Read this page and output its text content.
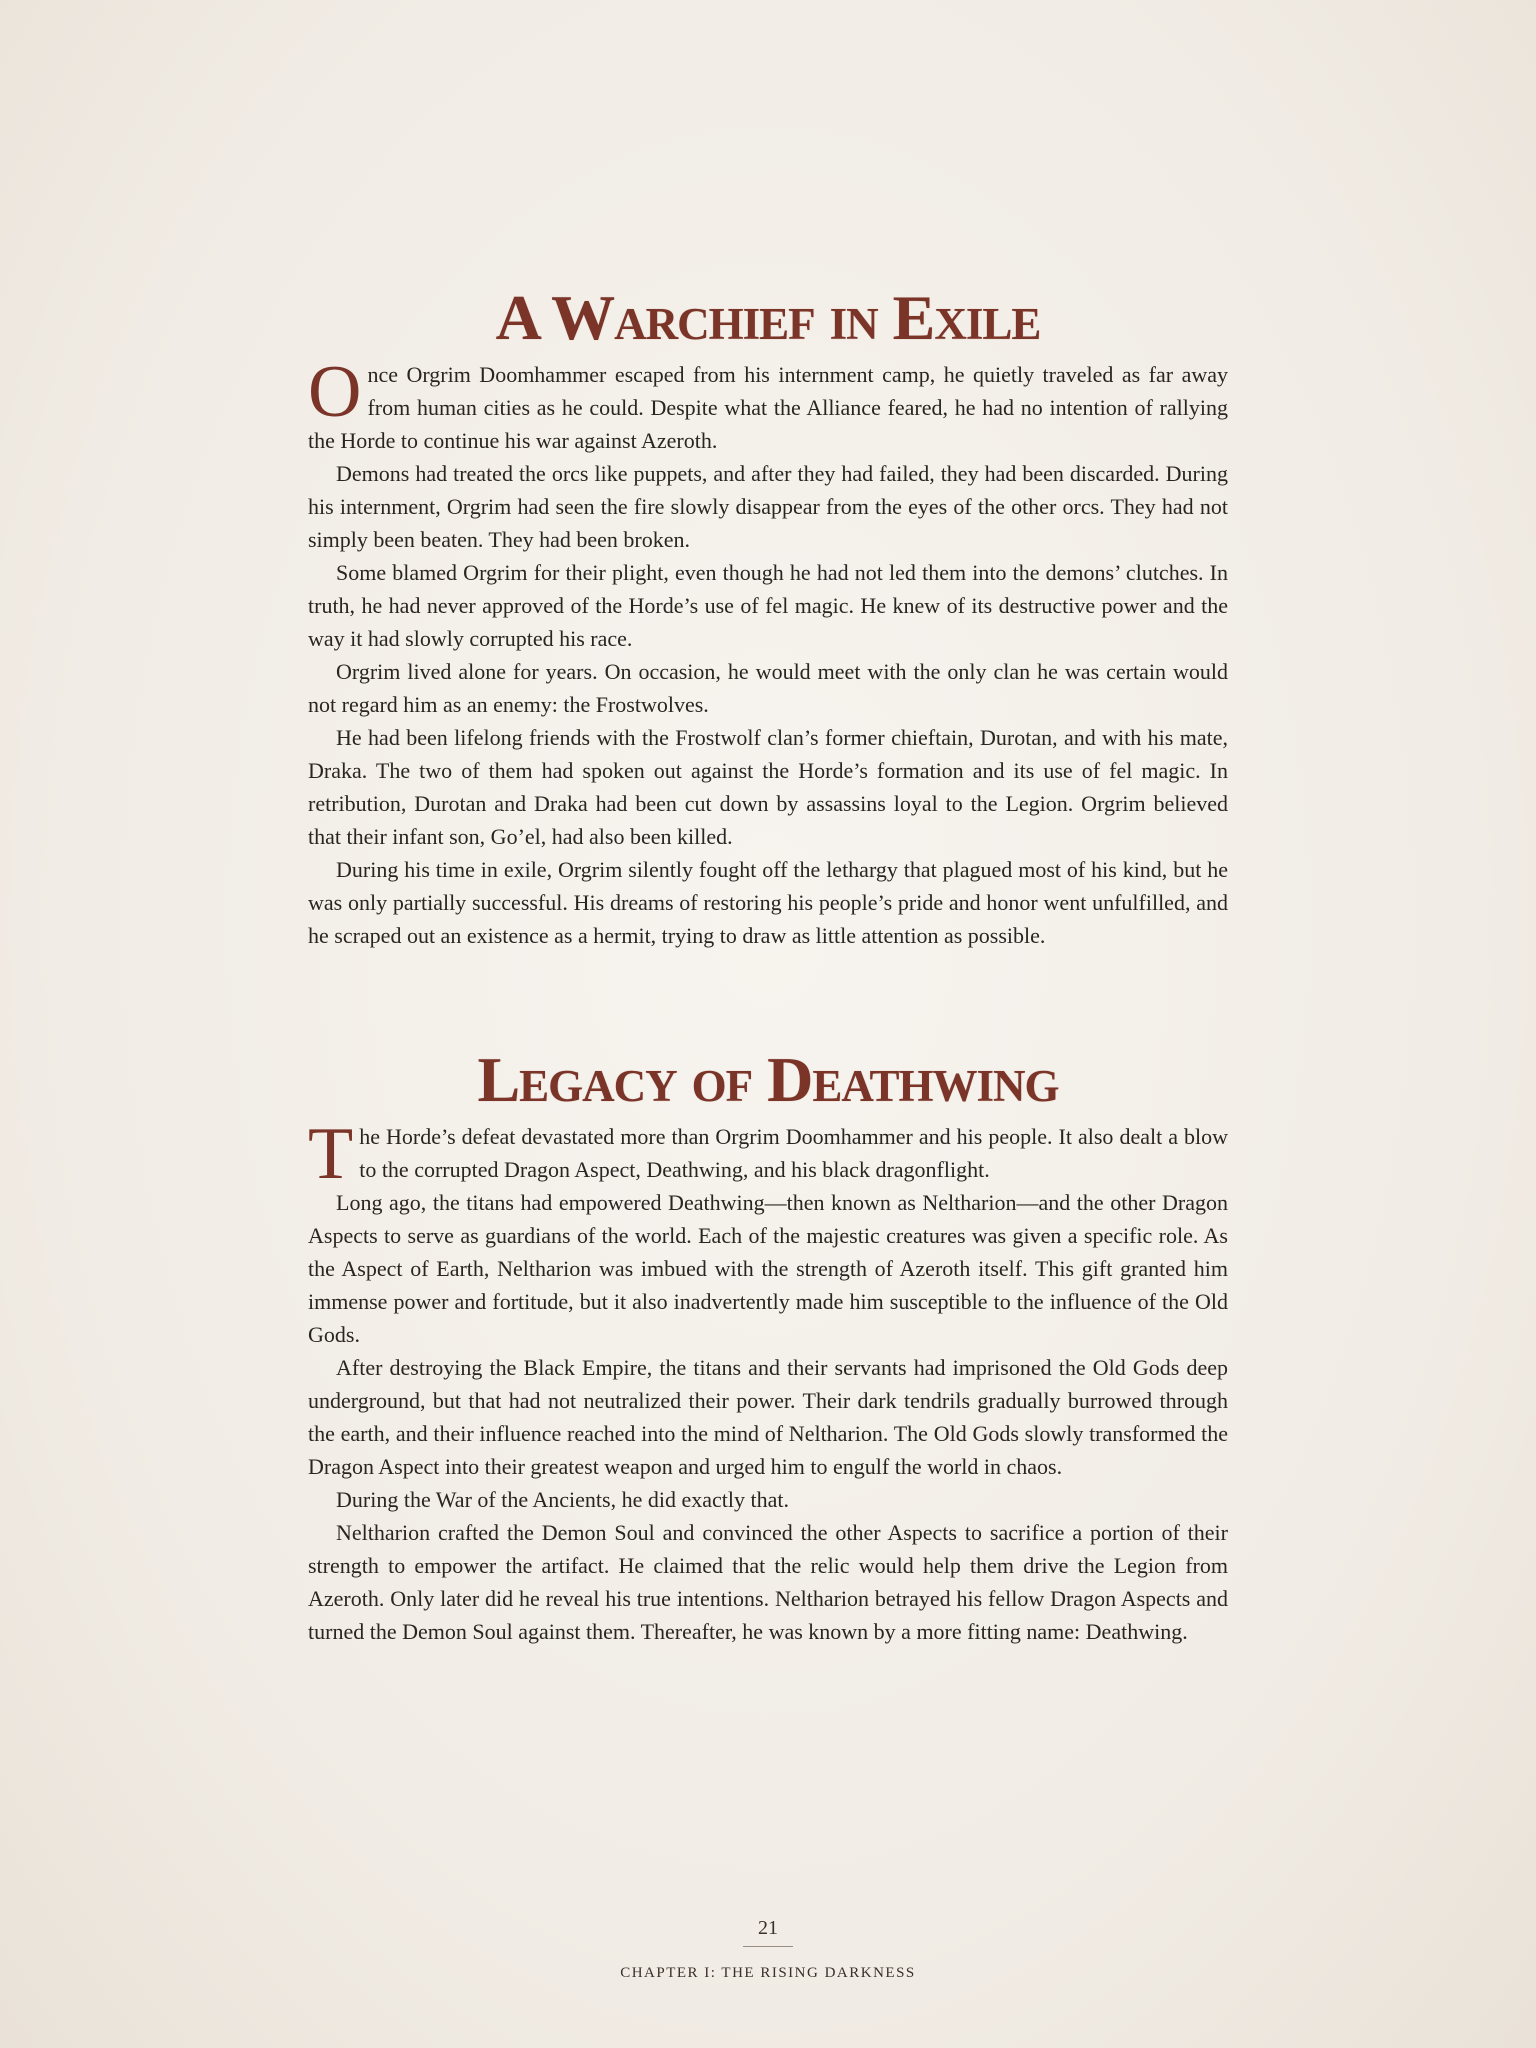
A Warchief in Exile

Once Orgrim Doomhammer escaped from his internment camp, he quietly traveled as far away from human cities as he could. Despite what the Alliance feared, he had no intention of rallying the Horde to continue his war against Azeroth.

Demons had treated the orcs like puppets, and after they had failed, they had been discarded. During his internment, Orgrim had seen the fire slowly disappear from the eyes of the other orcs. They had not simply been beaten. They had been broken.

Some blamed Orgrim for their plight, even though he had not led them into the demons’ clutches. In truth, he had never approved of the Horde’s use of fel magic. He knew of its destructive power and the way it had slowly corrupted his race.

Orgrim lived alone for years. On occasion, he would meet with the only clan he was certain would not regard him as an enemy: the Frostwolves.

He had been lifelong friends with the Frostwolf clan’s former chieftain, Durotan, and with his mate, Draka. The two of them had spoken out against the Horde’s formation and its use of fel magic. In retribution, Durotan and Draka had been cut down by assassins loyal to the Legion. Orgrim believed that their infant son, Go’el, had also been killed.

During his time in exile, Orgrim silently fought off the lethargy that plagued most of his kind, but he was only partially successful. His dreams of restoring his people’s pride and honor went unfulfilled, and he scraped out an existence as a hermit, trying to draw as little attention as possible.

Legacy of Deathwing

The Horde’s defeat devastated more than Orgrim Doomhammer and his people. It also dealt a blow to the corrupted Dragon Aspect, Deathwing, and his black dragonflight.

Long ago, the titans had empowered Deathwing—then known as Neltharion—and the other Dragon Aspects to serve as guardians of the world. Each of the majestic creatures was given a specific role. As the Aspect of Earth, Neltharion was imbued with the strength of Azeroth itself. This gift granted him immense power and fortitude, but it also inadvertently made him susceptible to the influence of the Old Gods.

After destroying the Black Empire, the titans and their servants had imprisoned the Old Gods deep underground, but that had not neutralized their power. Their dark tendrils gradually burrowed through the earth, and their influence reached into the mind of Neltharion. The Old Gods slowly transformed the Dragon Aspect into their greatest weapon and urged him to engulf the world in chaos.

During the War of the Ancients, he did exactly that.

Neltharion crafted the Demon Soul and convinced the other Aspects to sacrifice a portion of their strength to empower the artifact. He claimed that the relic would help them drive the Legion from Azeroth. Only later did he reveal his true intentions. Neltharion betrayed his fellow Dragon Aspects and turned the Demon Soul against them. Thereafter, he was known by a more fitting name: Deathwing.

21
CHAPTER I: THE RISING DARKNESS
